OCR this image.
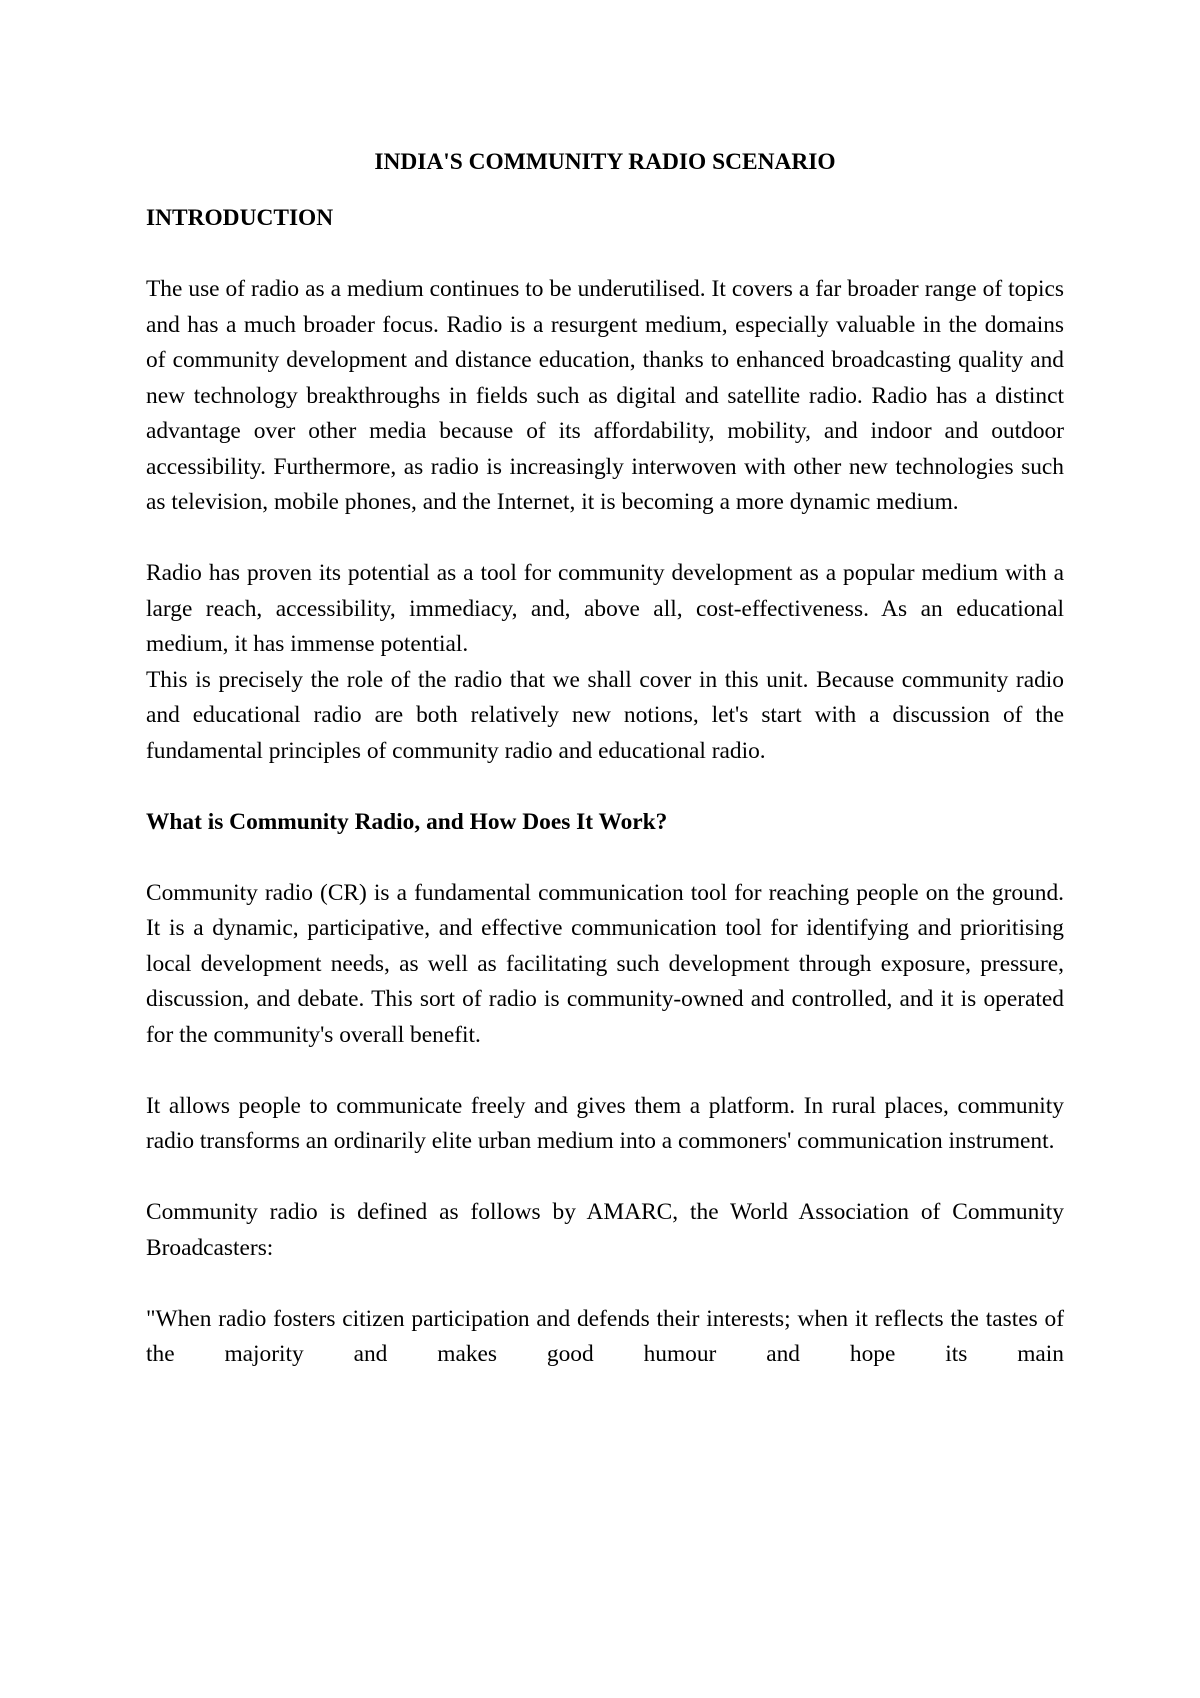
INDIA'S COMMUNITY RADIO SCENARIO

INTRODUCTION

The use of radio as a medium continues to be underutilised. It covers a far broader range of topics and has a much broader focus. Radio is a resurgent medium, especially valuable in the domains of community development and distance education, thanks to enhanced broadcasting quality and new technology breakthroughs in fields such as digital and satellite radio. Radio has a distinct advantage over other media because of its affordability, mobility, and indoor and outdoor accessibility. Furthermore, as radio is increasingly interwoven with other new technologies such as television, mobile phones, and the Internet, it is becoming a more dynamic medium.

Radio has proven its potential as a tool for community development as a popular medium with a large reach, accessibility, immediacy, and, above all, cost-effectiveness. As an educational medium, it has immense potential.

This is precisely the role of the radio that we shall cover in this unit. Because community radio and educational radio are both relatively new notions, let's start with a discussion of the fundamental principles of community radio and educational radio.

What is Community Radio, and How Does It Work?

Community radio (CR) is a fundamental communication tool for reaching people on the ground. It is a dynamic, participative, and effective communication tool for identifying and prioritising local development needs, as well as facilitating such development through exposure, pressure, discussion, and debate. This sort of radio is community-owned and controlled, and it is operated for the community's overall benefit.

It allows people to communicate freely and gives them a platform. In rural places, community radio transforms an ordinarily elite urban medium into a commoners' communication instrument.

Community radio is defined as follows by AMARC, the World Association of Community Broadcasters:

"When radio fosters citizen participation and defends their interests; when it reflects the tastes of the majority and makes good humour and hope its main
